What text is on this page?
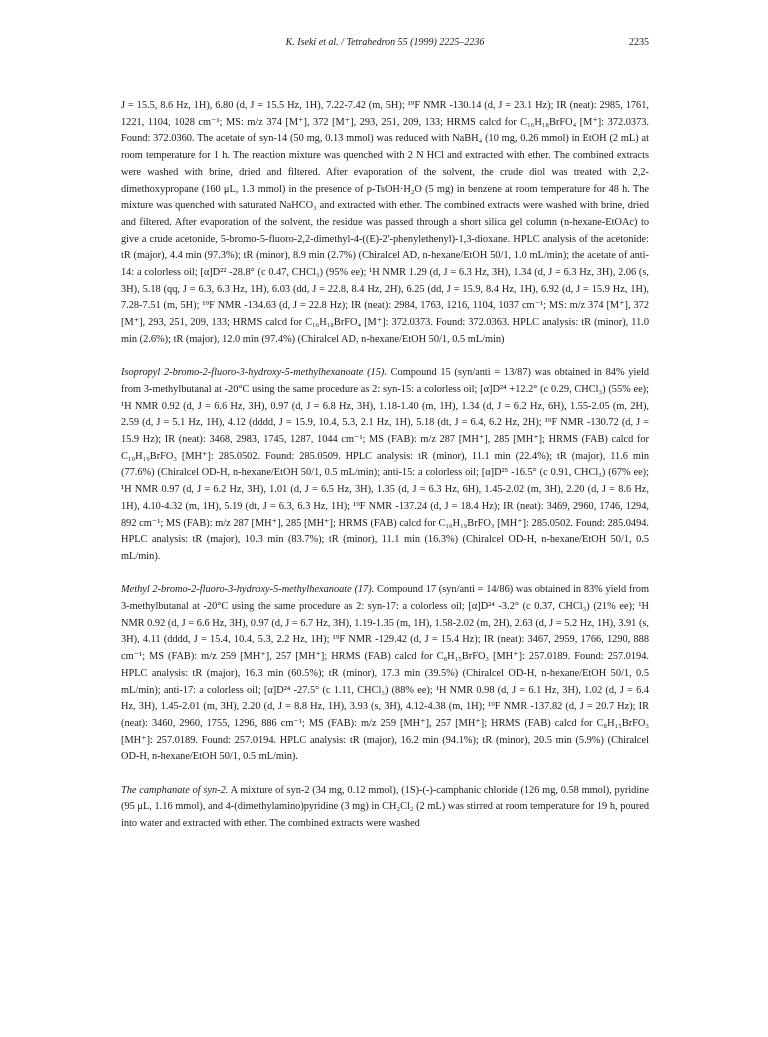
K. Iseki et al. / Tetrahedron 55 (1999) 2225–2236	2235

J = 15.5, 8.6 Hz, 1H), 6.80 (d, J = 15.5 Hz, 1H), 7.22-7.42 (m, 5H); ¹⁹F NMR -130.14 (d, J = 23.1 Hz); IR (neat): 2985, 1761, 1221, 1104, 1028 cm⁻¹; MS: m/z 374 [M⁺], 372 [M⁺], 293, 251, 209, 133; HRMS calcd for C₁₆H₁₈BrFO₄ [M⁺]: 372.0373. Found: 372.0360. The acetate of syn-14 (50 mg, 0.13 mmol) was reduced with NaBH₄ (10 mg, 0.26 mmol) in EtOH (2 mL) at room temperature for 1 h. The reaction mixture was quenched with 2 N HCl and extracted with ether. The combined extracts were washed with brine, dried and filtered. After evaporation of the solvent, the crude diol was treated with 2,2-dimethoxypropane (160 μL, 1.3 mmol) in the presence of p-TsOH·H₂O (5 mg) in benzene at room temperature for 48 h. The mixture was quenched with saturated NaHCO₃ and extracted with ether. The combined extracts were washed with brine, dried and filtered. After evaporation of the solvent, the residue was passed through a short silica gel column (n-hexane-EtOAc) to give a crude acetonide, 5-bromo-5-fluoro-2,2-dimethyl-4-((E)-2'-phenylethenyl)-1,3-dioxane. HPLC analysis of the acetonide: tR (major), 4.4 min (97.3%); tR (minor), 8.9 min (2.7%) (Chiralcel AD, n-hexane/EtOH 50/1, 1.0 mL/min); the acetate of anti-14: a colorless oil; [α]D²² -28.8° (c 0.47, CHCl₃) (95% ee); ¹H NMR 1.29 (d, J = 6.3 Hz, 3H), 1.34 (d, J = 6.3 Hz, 3H), 2.06 (s, 3H), 5.18 (qq, J = 6.3, 6.3 Hz, 1H), 6.03 (dd, J = 22.8, 8.4 Hz, 2H), 6.25 (dd, J = 15.9, 8.4 Hz, 1H), 6.92 (d, J = 15.9 Hz, 1H), 7.28-7.51 (m, 5H); ¹⁹F NMR -134.63 (d, J = 22.8 Hz); IR (neat): 2984, 1763, 1216, 1104, 1037 cm⁻¹; MS: m/z 374 [M⁺], 372 [M⁺], 293, 251, 209, 133; HRMS calcd for C₁₆H₁₈BrFO₄ [M⁺]: 372.0373. Found: 372.0363. HPLC analysis: tR (minor), 11.0 min (2.6%); tR (major), 12.0 min (97.4%) (Chiralcel AD, n-hexane/EtOH 50/1, 0.5 mL/min)

Isopropyl 2-bromo-2-fluoro-3-hydroxy-5-methylhexanoate (15). Compound 15 (syn/anti = 13/87) was obtained in 84% yield from 3-methylbutanal at -20°C using the same procedure as 2: syn-15: a colorless oil; [α]D²⁴ +12.2° (c 0.29, CHCl₃) (55% ee); ¹H NMR 0.92 (d, J = 6.6 Hz, 3H), 0.97 (d, J = 6.8 Hz, 3H), 1.18-1.40 (m, 1H), 1.34 (d, J = 6.2 Hz, 6H), 1.55-2.05 (m, 2H), 2.59 (d, J = 5.1 Hz, 1H), 4.12 (dddd, J = 15.9, 10.4, 5.3, 2.1 Hz, 1H), 5.18 (dt, J = 6.4, 6.2 Hz, 2H); ¹⁹F NMR -130.72 (d, J = 15.9 Hz); IR (neat): 3468, 2983, 1745, 1287, 1044 cm⁻¹; MS (FAB): m/z 287 [MH⁺], 285 [MH⁺]; HRMS (FAB) calcd for C₁₀H₁₉BrFO₃ [MH⁺]: 285.0502. Found: 285.0509. HPLC analysis: tR (minor), 11.1 min (22.4%); tR (major), 11.6 min (77.6%) (Chiralcel OD-H, n-hexane/EtOH 50/1, 0.5 mL/min); anti-15: a colorless oil; [α]D²⁵ -16.5° (c 0.91, CHCl₃) (67% ee); ¹H NMR 0.97 (d, J = 6.2 Hz, 3H), 1.01 (d, J = 6.5 Hz, 3H), 1.35 (d, J = 6.3 Hz, 6H), 1.45-2.02 (m, 3H), 2.20 (d, J = 8.6 Hz, 1H), 4.10-4.32 (m, 1H), 5.19 (dt, J = 6.3, 6.3 Hz, 1H); ¹⁹F NMR -137.24 (d, J = 18.4 Hz); IR (neat): 3469, 2960, 1746, 1294, 892 cm⁻¹; MS (FAB): m/z 287 [MH⁺], 285 [MH⁺]; HRMS (FAB) calcd for C₁₀H₁₉BrFO₃ [MH⁺]: 285.0502. Found: 285.0494. HPLC analysis: tR (major), 10.3 min (83.7%); tR (minor), 11.1 min (16.3%) (Chiralcel OD-H, n-hexane/EtOH 50/1, 0.5 mL/min).

Methyl 2-bromo-2-fluoro-3-hydroxy-5-methylhexanoate (17). Compound 17 (syn/anti = 14/86) was obtained in 83% yield from 3-methylbutanal at -20°C using the same procedure as 2: syn-17: a colorless oil; [α]D²⁴ -3.2° (c 0.37, CHCl₃) (21% ee); ¹H NMR 0.92 (d, J = 6.6 Hz, 3H), 0.97 (d, J = 6.7 Hz, 3H), 1.19-1.35 (m, 1H), 1.58-2.02 (m, 2H), 2.63 (d, J = 5.2 Hz, 1H), 3.91 (s, 3H), 4.11 (dddd, J = 15.4, 10.4, 5.3, 2.2 Hz, 1H); ¹⁹F NMR -129.42 (d, J = 15.4 Hz); IR (neat): 3467, 2959, 1766, 1290, 888 cm⁻¹; MS (FAB): m/z 259 [MH⁺], 257 [MH⁺]; HRMS (FAB) calcd for C₈H₁₅BrFO₃ [MH⁺]: 257.0189. Found: 257.0194. HPLC analysis: tR (major), 16.3 min (60.5%); tR (minor), 17.3 min (39.5%) (Chiralcel OD-H, n-hexane/EtOH 50/1, 0.5 mL/min); anti-17: a colorless oil; [α]D²⁴ -27.5° (c 1.11, CHCl₃) (88% ee); ¹H NMR 0.98 (d, J = 6.1 Hz, 3H), 1.02 (d, J = 6.4 Hz, 3H), 1.45-2.01 (m, 3H), 2.20 (d, J = 8.8 Hz, 1H), 3.93 (s, 3H), 4.12-4.38 (m, 1H); ¹⁹F NMR -137.82 (d, J = 20.7 Hz); IR (neat): 3460, 2960, 1755, 1296, 886 cm⁻¹; MS (FAB): m/z 259 [MH⁺], 257 [MH⁺]; HRMS (FAB) calcd for C₈H₁₅BrFO₃ [MH⁺]: 257.0189. Found: 257.0194. HPLC analysis: tR (major), 16.2 min (94.1%); tR (minor), 20.5 min (5.9%) (Chiralcel OD-H, n-hexane/EtOH 50/1, 0.5 mL/min).

The camphanate of syn-2. A mixture of syn-2 (34 mg, 0.12 mmol), (1S)-(-)-camphanic chloride (126 mg, 0.58 mmol), pyridine (95 μL, 1.16 mmol), and 4-(dimethylamino)pyridine (3 mg) in CH₂Cl₂ (2 mL) was stirred at room temperature for 19 h, poured into water and extracted with ether. The combined extracts were washed
